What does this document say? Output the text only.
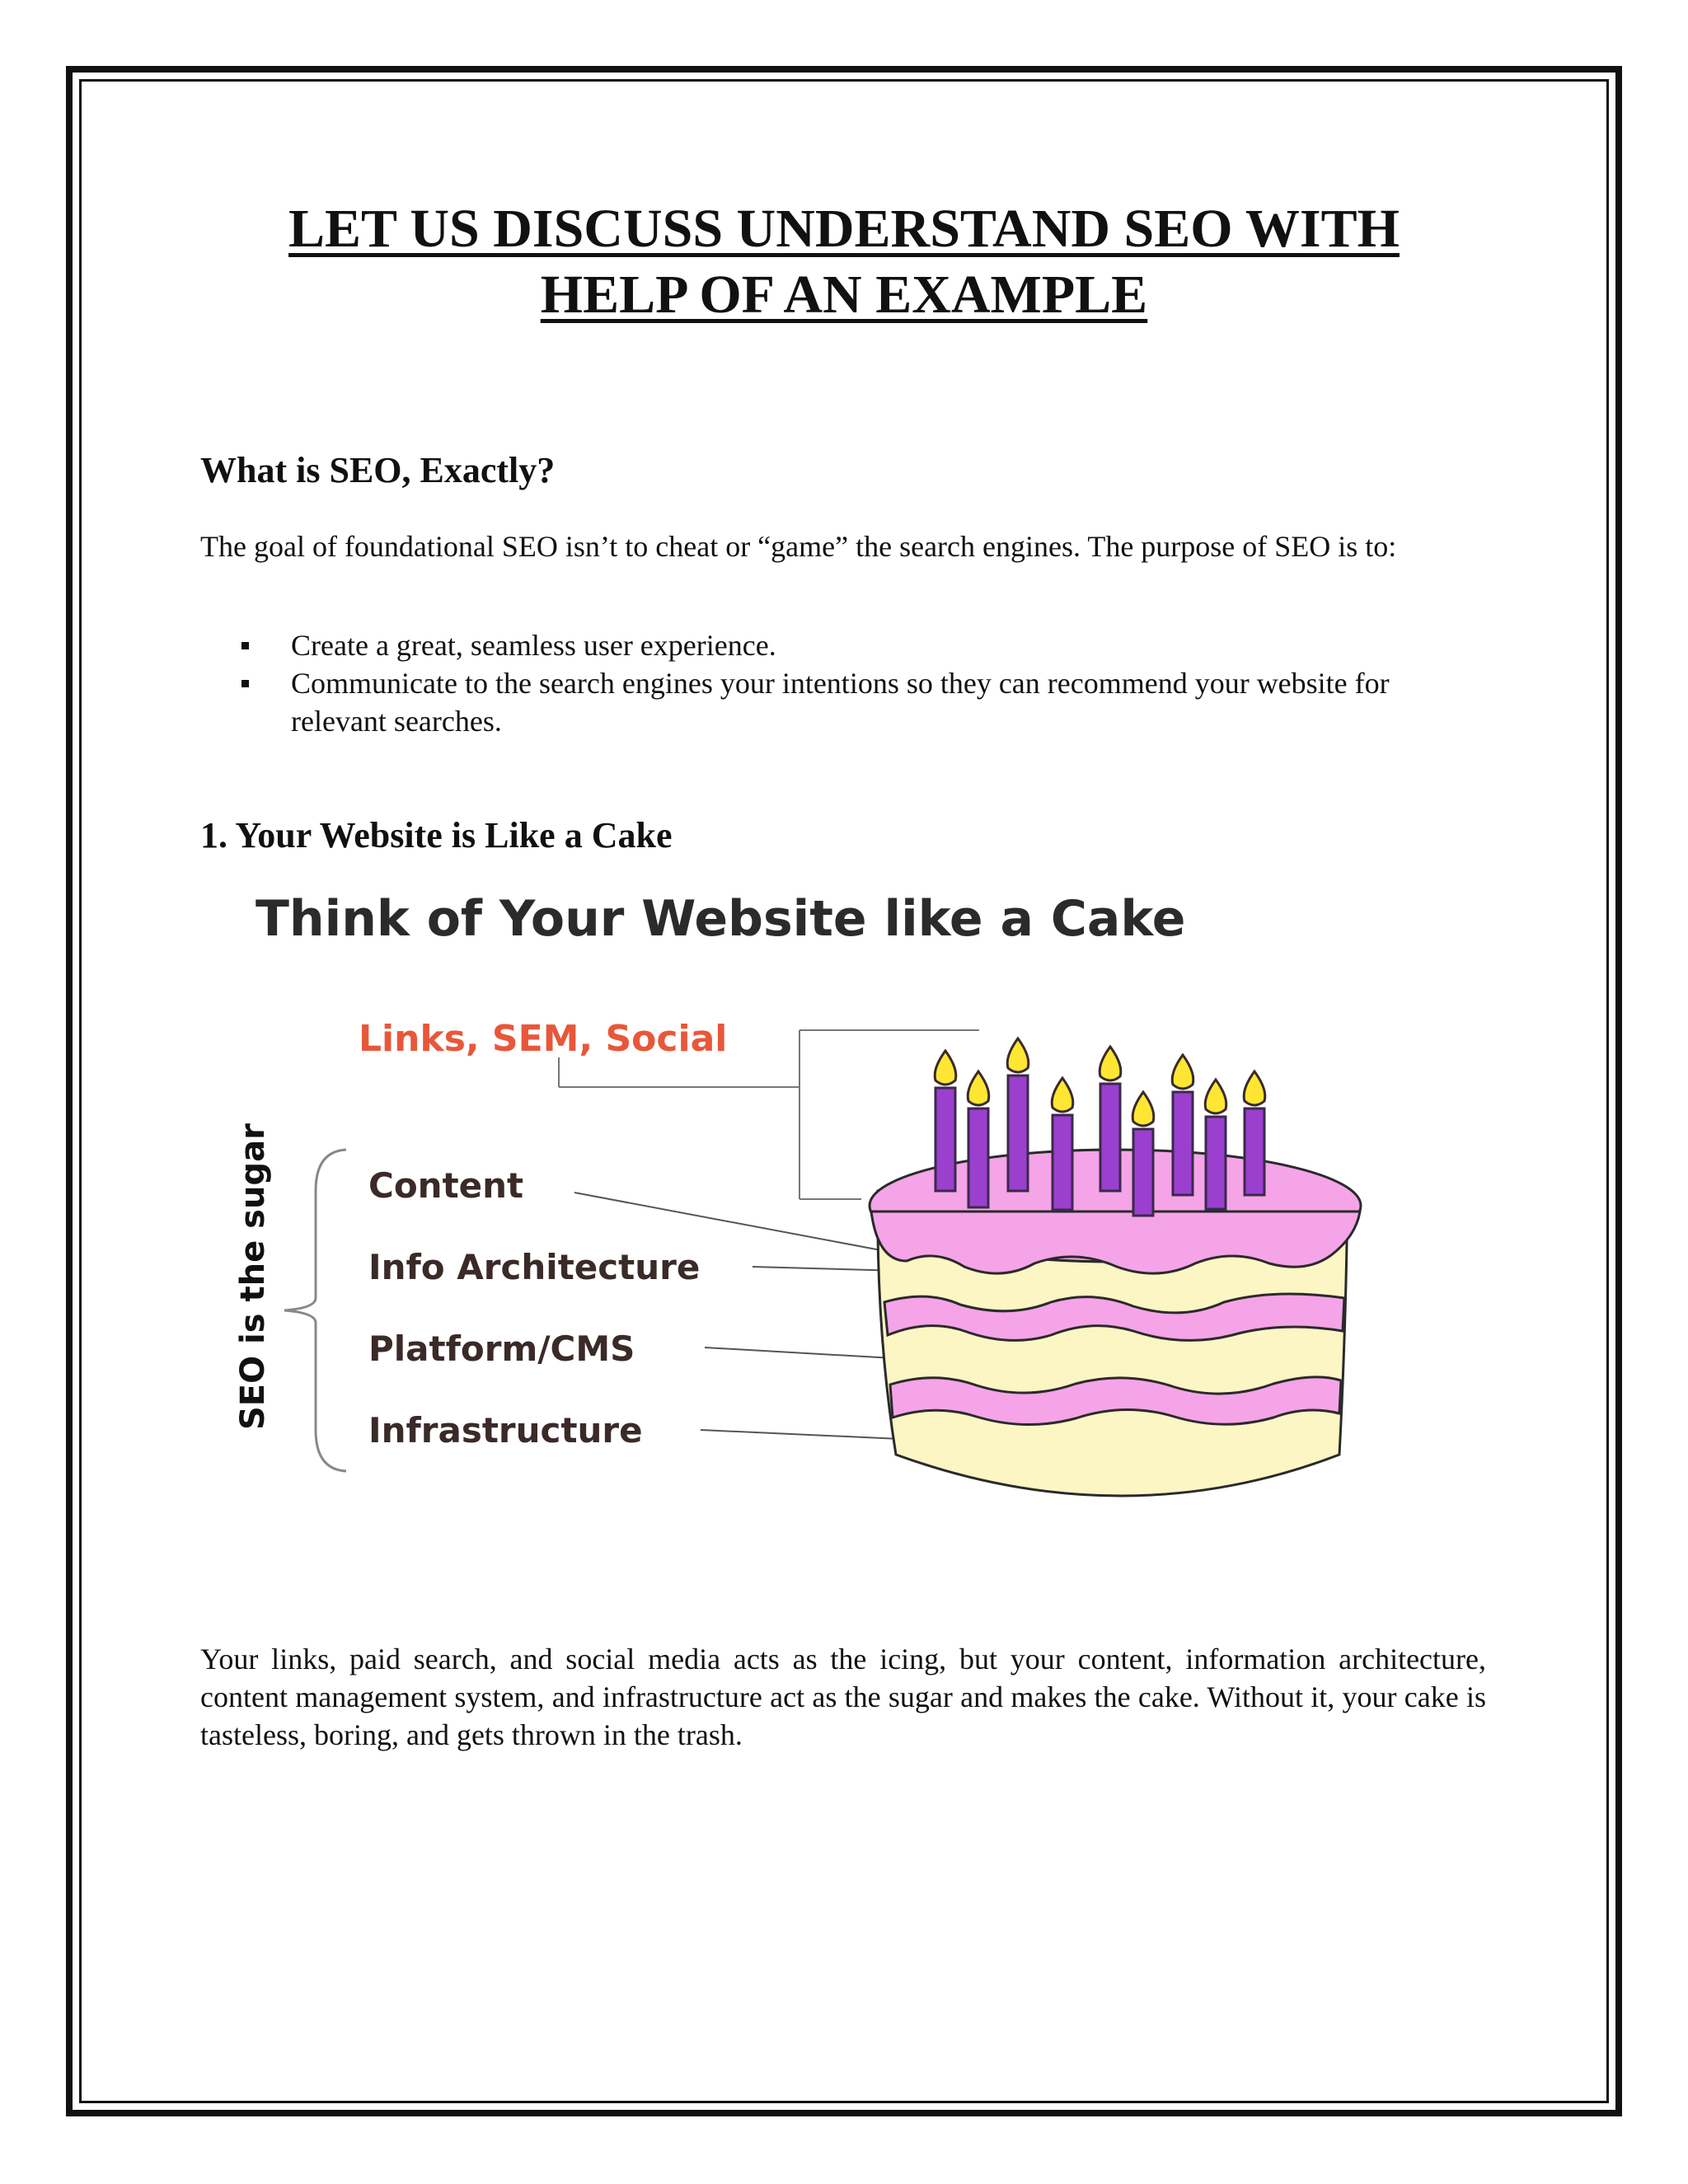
LET US DISCUSS UNDERSTAND SEO WITH
HELP OF AN EXAMPLE
What is SEO, Exactly?

The goal of foundational SEO isn’t to cheat or “game” the search engines. The purpose of SEO is to:

Create a great, seamless user experience.
Communicate to the search engines your intentions so they can recommend your website for relevant searches.
1. Your Website is Like a Cake
Think of Your Website like a Cake
Links, SEM, Social
SEO is the sugar	Content
Info Architecture
Platform/CMS
Infrastructure

Your links, paid search, and social media acts as the icing, but your content, information architecture, content management system, and infrastructure act as the sugar and makes the cake. Without it, your cake is tasteless, boring, and gets thrown in the trash.
